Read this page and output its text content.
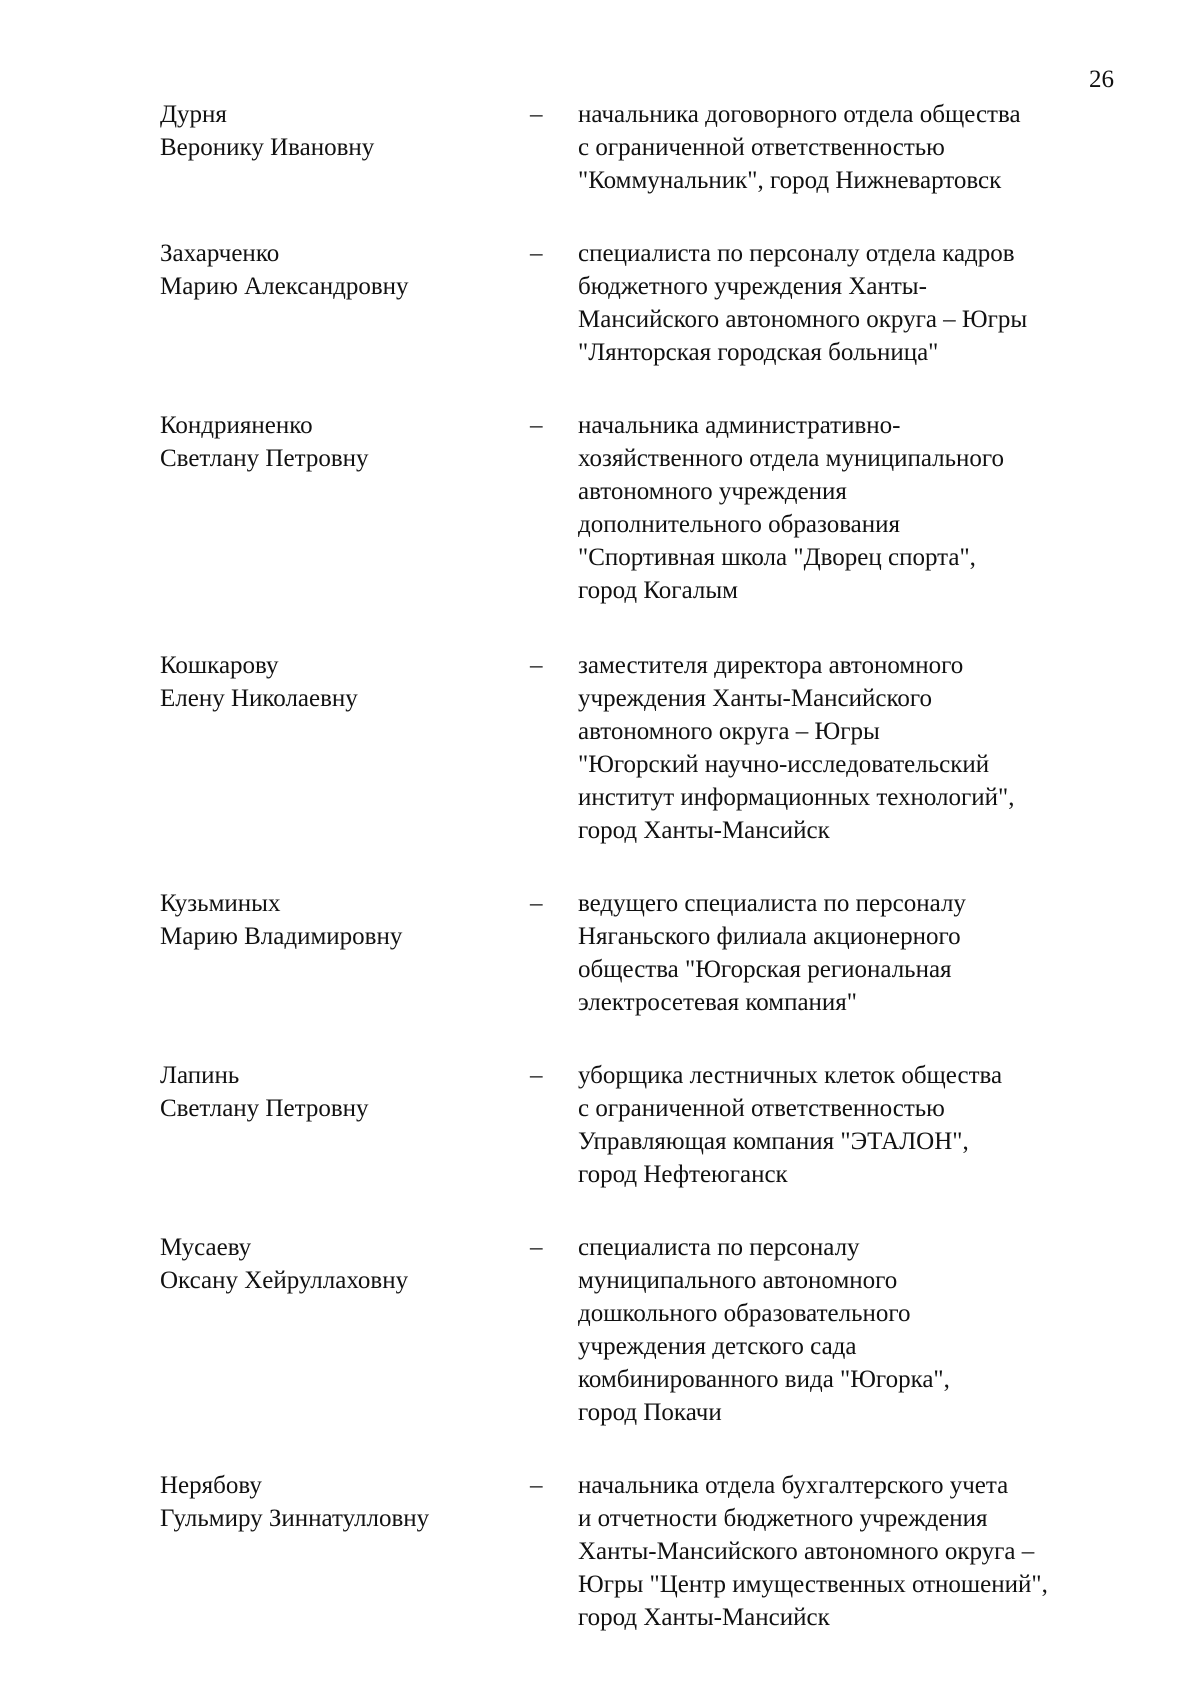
26
Дурня
Веронику Ивановну
– начальника договорного отдела общества
с ограниченной ответственностью
"Коммунальник", город Нижневартовск
Захарченко
Марию Александровну
– специалиста по персоналу отдела кадров
бюджетного учреждения Ханты-
Мансийского автономного округа – Югры
"Лянторская городская больница"
Кондрияненко
Светлану Петровну
– начальника административно-
хозяйственного отдела муниципального
автономного учреждения
дополнительного образования
"Спортивная школа "Дворец спорта",
город Когалым
Кошкарову
Елену Николаевну
– заместителя директора автономного
учреждения Ханты-Мансийского
автономного округа – Югры
"Югорский научно-исследовательский
институт информационных технологий",
город Ханты-Мансийск
Кузьминых
Марию Владимировну
– ведущего специалиста по персоналу
Няганьского филиала акционерного
общества "Югорская региональная
электросетевая компания"
Лапинь
Светлану Петровну
– уборщика лестничных клеток общества
с ограниченной ответственностью
Управляющая компания "ЭТАЛОН",
город Нефтеюганск
Мусаеву
Оксану Хейруллаховну
– специалиста по персоналу
муниципального автономного
дошкольного образовательного
учреждения детского сада
комбинированного вида "Югорка",
город Покачи
Нерябову
Гульмиру Зиннатулловну
– начальника отдела бухгалтерского учета
и отчетности бюджетного учреждения
Ханты-Мансийского автономного округа –
Югры "Центр имущественных отношений",
город Ханты-Мансийск
